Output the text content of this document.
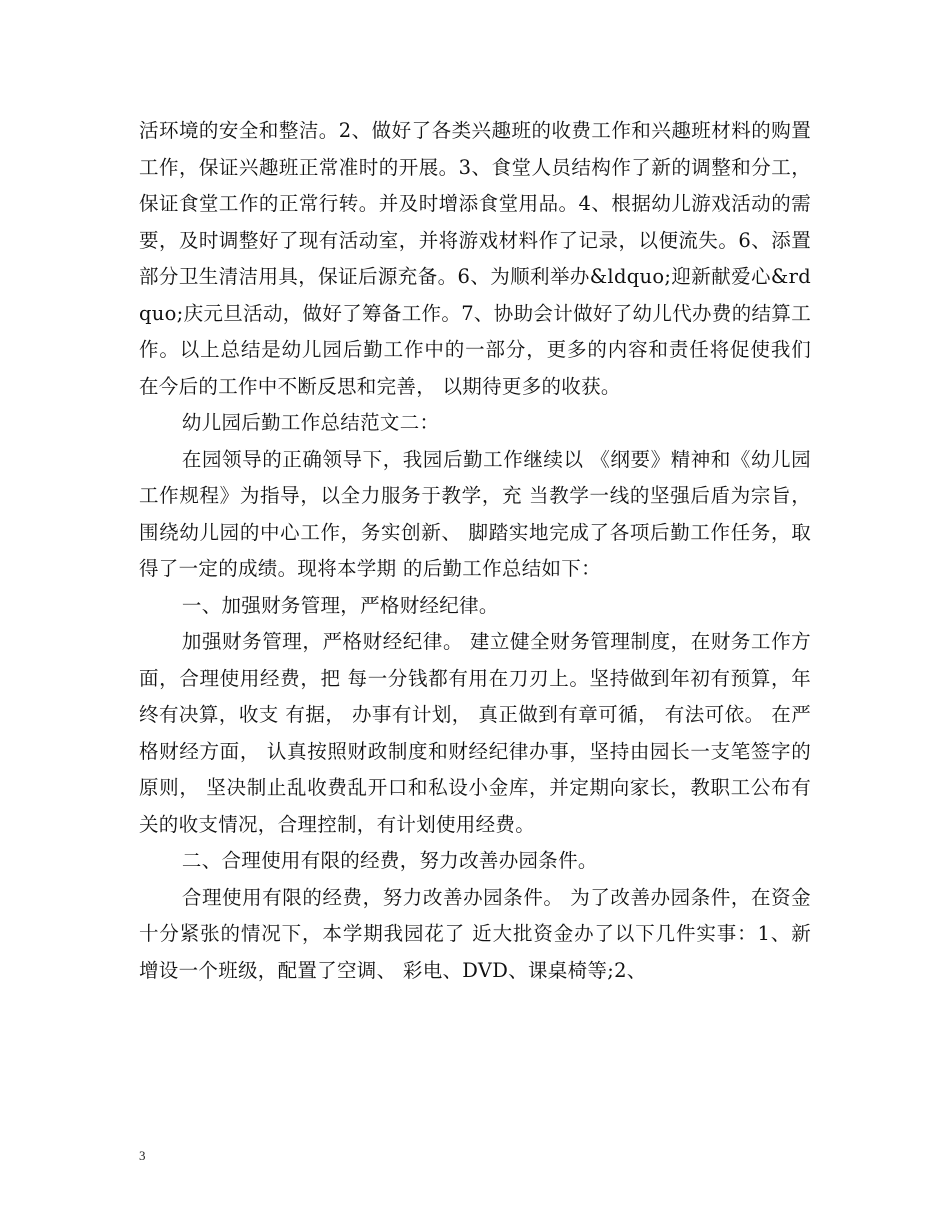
活环境的安全和整洁。2、做好了各类兴趣班的收费工作和兴趣班材料的购置工作，保证兴趣班正常准时的开展。3、食堂人员结构作了新的调整和分工，保证食堂工作的正常行转。并及时增添食堂用品。4、根据幼儿游戏活动的需要，及时调整好了现有活动室，并将游戏材料作了记录，以便流失。6、添置部分卫生清洁用具，保证后源充备。6、为顺利举办&ldquo;迎新献爱心&rdquo;庆元旦活动，做好了筹备工作。7、协助会计做好了幼儿代办费的结算工作。以上总结是幼儿园后勤工作中的一部分，更多的内容和责任将促使我们在今后的工作中不断反思和完善， 以期待更多的收获。

幼儿园后勤工作总结范文二：

在园领导的正确领导下，我园后勤工作继续以 《纲要》精神和《幼儿园工作规程》为指导，以全力服务于教学，充 当教学一线的坚强后盾为宗旨，围绕幼儿园的中心工作，务实创新、 脚踏实地完成了各项后勤工作任务，取得了一定的成绩。现将本学期 的后勤工作总结如下：

一、加强财务管理，严格财经纪律。

加强财务管理，严格财经纪律。 建立健全财务管理制度，在财务工作方面，合理使用经费，把 每一分钱都有用在刀刃上。坚持做到年初有预算，年终有决算，收支 有据， 办事有计划， 真正做到有章可循， 有法可依。 在严格财经方面， 认真按照财政制度和财经纪律办事，坚持由园长一支笔签字的原则， 坚决制止乱收费乱开口和私设小金库，并定期向家长，教职工公布有 关的收支情况，合理控制，有计划使用经费。

二、合理使用有限的经费，努力改善办园条件。

合理使用有限的经费，努力改善办园条件。 为了改善办园条件，在资金十分紧张的情况下，本学期我园花了 近大批资金办了以下几件实事：1、新增设一个班级，配置了空调、 彩电、DVD、课桌椅等;2、

3
